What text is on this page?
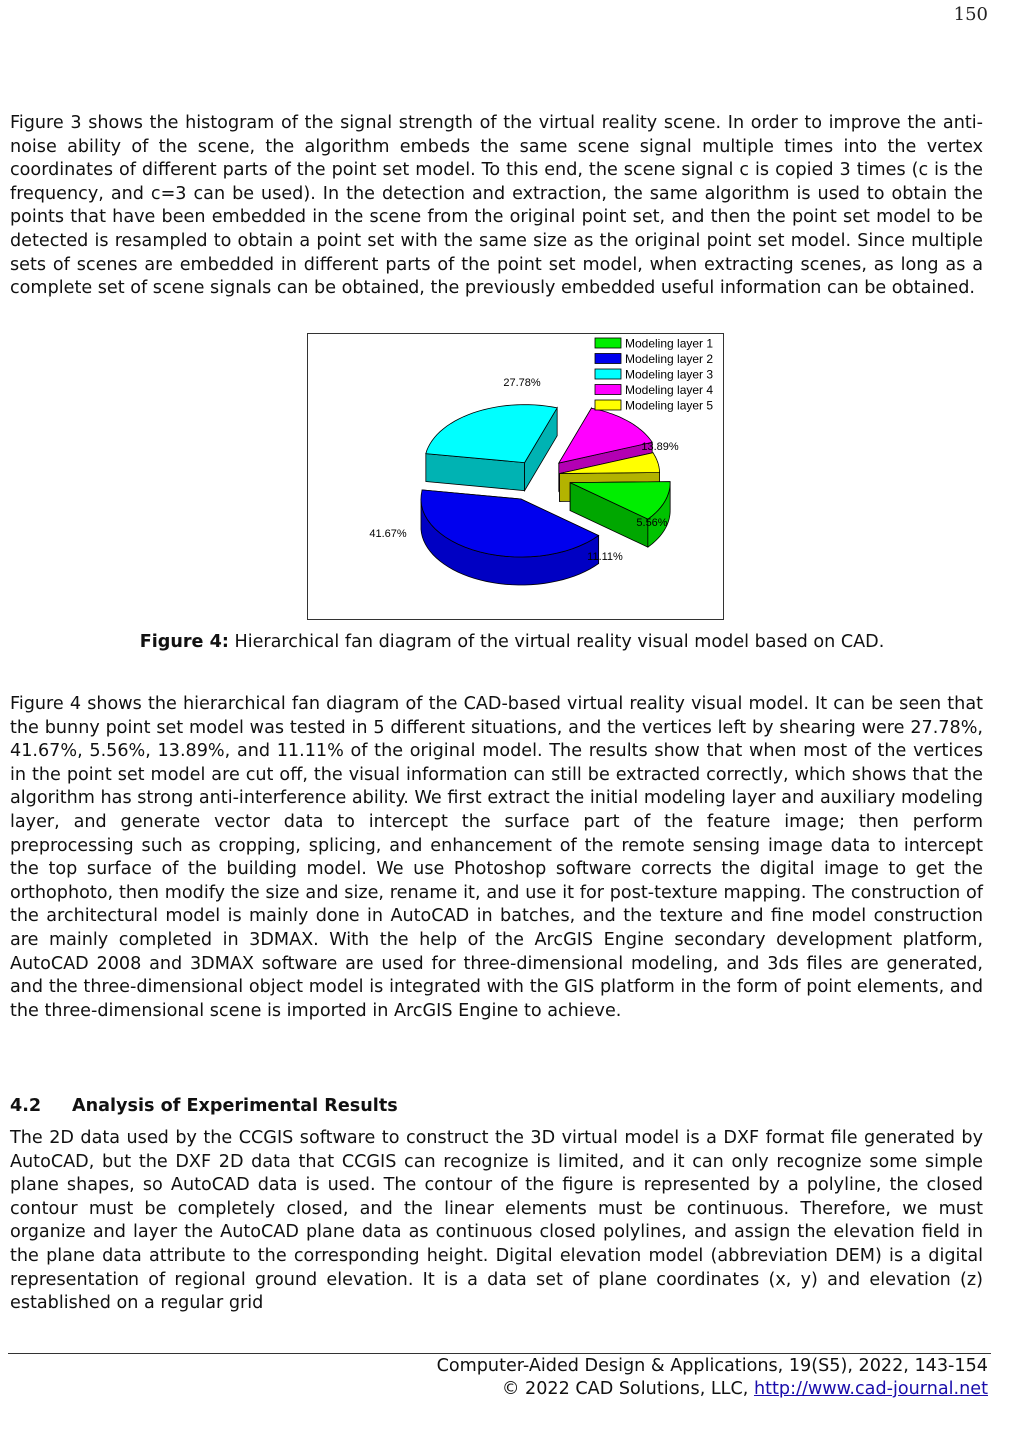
150

Figure 3 shows the histogram of the signal strength of the virtual reality scene. In order to improve the anti-noise ability of the scene, the algorithm embeds the same scene signal multiple times into the vertex coordinates of different parts of the point set model. To this end, the scene signal c is copied 3 times (c is the frequency, and c=3 can be used). In the detection and extraction, the same algorithm is used to obtain the points that have been embedded in the scene from the original point set, and then the point set model to be detected is resampled to obtain a point set with the same size as the original point set model. Since multiple sets of scenes are embedded in different parts of the point set model, when extracting scenes, as long as a complete set of scene signals can be obtained, the previously embedded useful information can be obtained.

11.11%
41.67%
27.78%
13.89%
5.56%
Modeling layer 1
Modeling layer 2
Modeling layer 3
Modeling layer 4
Modeling layer 5
Figure 4: Hierarchical fan diagram of the virtual reality visual model based on CAD.

Figure 4 shows the hierarchical fan diagram of the CAD-based virtual reality visual model. It can be seen that the bunny point set model was tested in 5 different situations, and the vertices left by shearing were 27.78%, 41.67%, 5.56%, 13.89%, and 11.11% of the original model. The results show that when most of the vertices in the point set model are cut off, the visual information can still be extracted correctly, which shows that the algorithm has strong anti-interference ability. We first extract the initial modeling layer and auxiliary modeling layer, and generate vector data to intercept the surface part of the feature image; then perform preprocessing such as cropping, splicing, and enhancement of the remote sensing image data to intercept the top surface of the building model. We use Photoshop software corrects the digital image to get the orthophoto, then modify the size and size, rename it, and use it for post-texture mapping. The construction of the architectural model is mainly done in AutoCAD in batches, and the texture and fine model construction are mainly completed in 3DMAX. With the help of the ArcGIS Engine secondary development platform, AutoCAD 2008 and 3DMAX software are used for three-dimensional modeling, and 3ds files are generated, and the three-dimensional object model is integrated with the GIS platform in the form of point elements, and the three-dimensional scene is imported in ArcGIS Engine to achieve.

4.2 Analysis of Experimental Results

The 2D data used by the CCGIS software to construct the 3D virtual model is a DXF format file generated by AutoCAD, but the DXF 2D data that CCGIS can recognize is limited, and it can only recognize some simple plane shapes, so AutoCAD data is used. The contour of the figure is represented by a polyline, the closed contour must be completely closed, and the linear elements must be continuous. Therefore, we must organize and layer the AutoCAD plane data as continuous closed polylines, and assign the elevation field in the plane data attribute to the corresponding height. Digital elevation model (abbreviation DEM) is a digital representation of regional ground elevation. It is a data set of plane coordinates (x, y) and elevation (z) established on a regular grid

Computer-Aided Design & Applications, 19(S5), 2022, 143-154
© 2022 CAD Solutions, LLC, http://www.cad-journal.net
